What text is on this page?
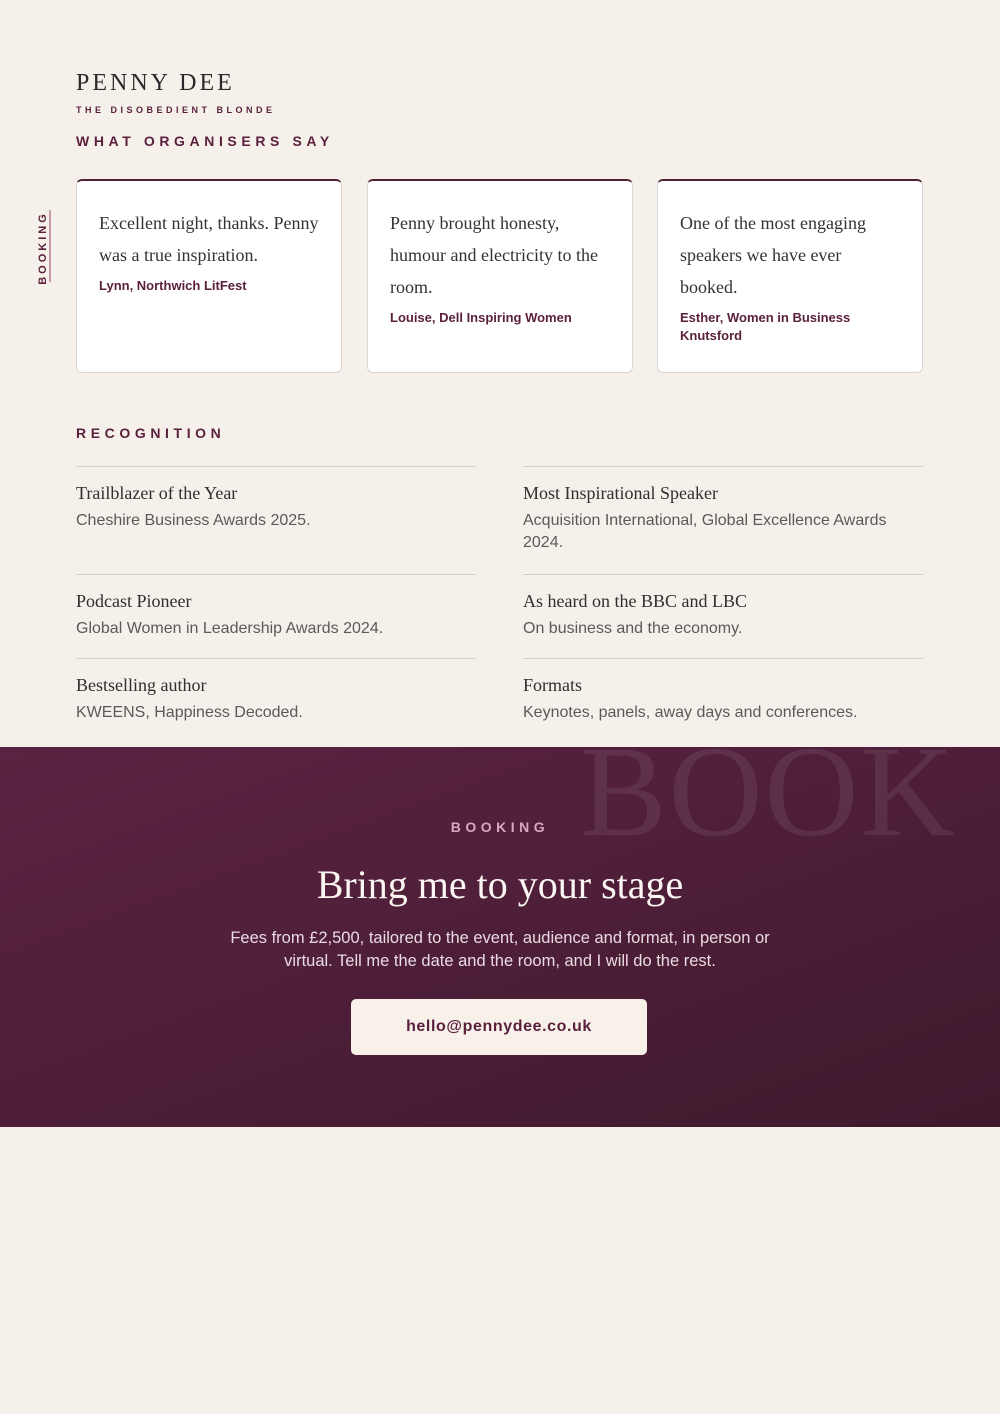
PENNY DEE
THE DISOBEDIENT BLONDE
WHAT ORGANISERS SAY
BOOKING	Excellent night, thanks. Penny was a true inspiration.

Lynn, Northwich LitFest

Penny brought honesty, humour and electricity to the room.

Louise, Dell Inspiring Women

One of the most engaging speakers we have ever booked.

Esther, Women in Business Knutsford
RECOGNITION
Trailblazer of the Year
Cheshire Business Awards 2025.
Most Inspirational Speaker
Acquisition International, Global Excellence Awards 2024.
Podcast Pioneer
Global Women in Leadership Awards 2024.
As heard on the BBC and LBC
On business and the economy.
Bestselling author
KWEENS, Happiness Decoded.
Formats
Keynotes, panels, away days and conferences.
BOOK
BOOKING
Bring me to your stage
Fees from £2,500, tailored to the event, audience and format, in person or virtual. Tell me the date and the room, and I will do the rest.
hello@pennydee.co.uk
